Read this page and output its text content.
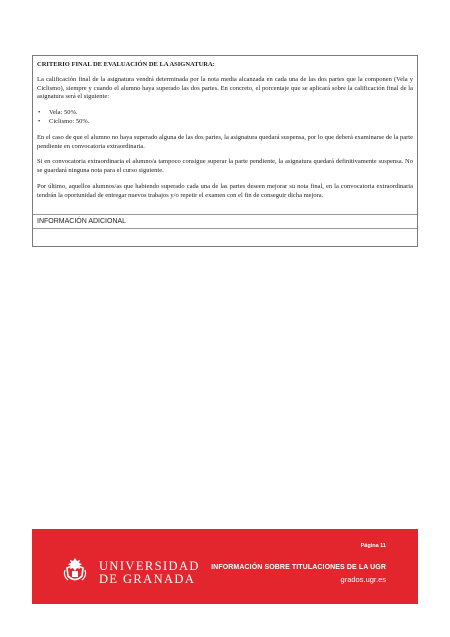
CRITERIO FINAL DE EVALUACIÓN DE LA ASIGNATURA:

La calificación final de la asignatura vendrá determinada por la nota media alcanzada en cada una de las dos partes que la componen (Vela y Ciclismo), siempre y cuando el alumno haya superado las dos partes. En concreto, el porcentaje que se aplicará sobre la calificación final de la asignatura será el siguiente:

• Vela: 50%.
• Ciclismo: 50%.

En el caso de que el alumno no haya superado alguna de las dos partes, la asignatura quedará suspensa, por lo que deberá examinarse de la parte pendiente en convocatoria extraordinaria.

Si en convocatoria extraordinaria el alumno/a tampoco consigue superar la parte pendiente, la asignatura quedará definitivamente suspensa. No se guardará ninguna nota para el curso siguiente.

Por último, aquellos alumnos/as que habiendo superado cada una de las partes deseen mejorar su nota final, en la convocatoria extraordinaria tendrán la oportunidad de entregar nuevos trabajos y/o repetir el examen con el fin de conseguir dicha mejora.

INFORMACIÓN ADICIONAL
UNIVERSIDAD
DE GRANADA
Página 11
INFORMACIÓN SOBRE TITULACIONES DE LA UGR
grados.ugr.es
